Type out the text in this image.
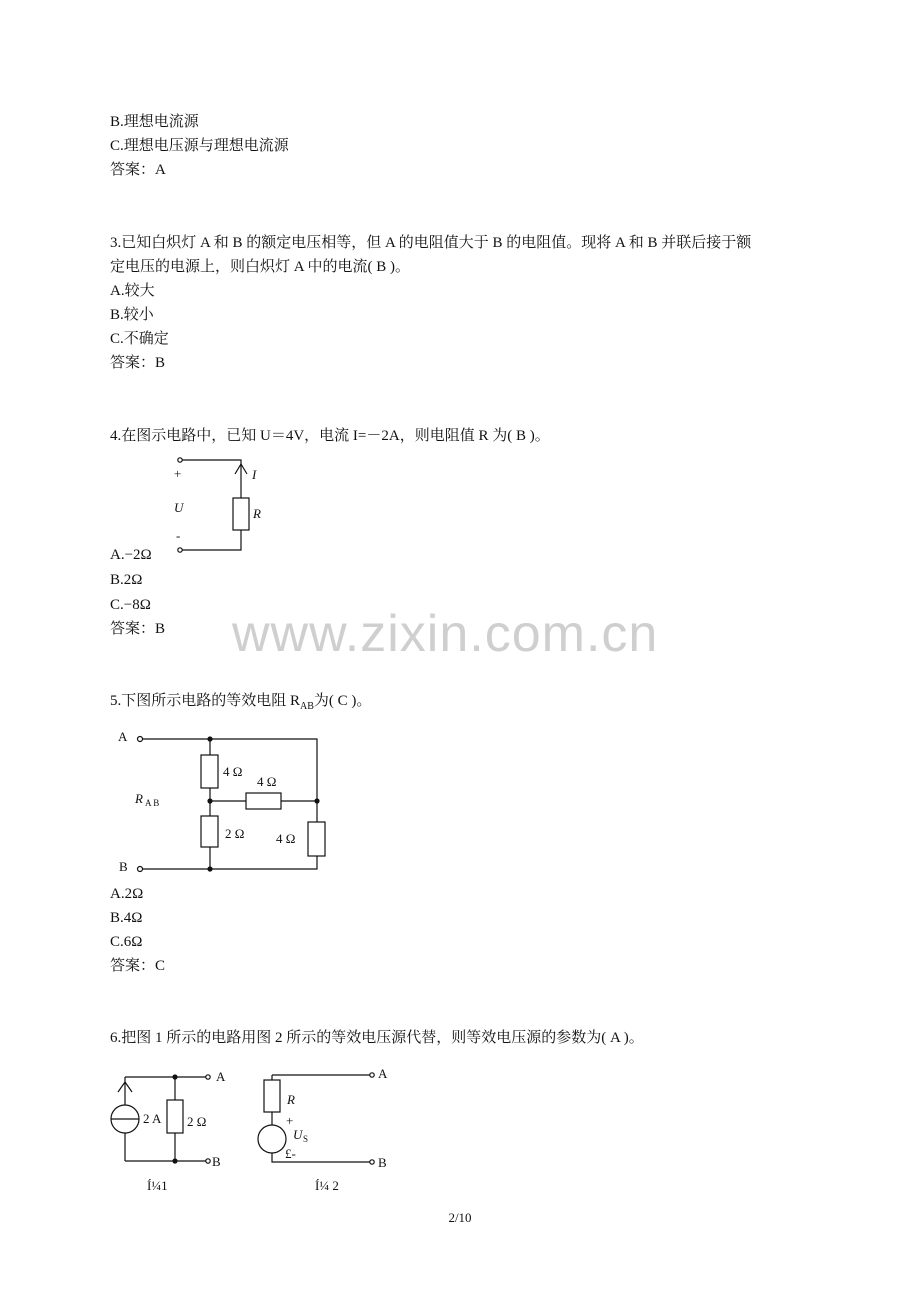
B.理想电流源
C.理想电压源与理想电流源
答案：A
3.已知白炽灯 A 和 B 的额定电压相等，但 A 的电阻值大于 B 的电阻值。现将 A 和 B 并联后接于额
定电压的电源上，则白炽灯 A 中的电流( B )。
A.较大
B.较小
C.不确定
答案：B
4.在图示电路中，已知 U＝4V，电流 I=－2A，则电阻值 R 为( B )。
A.−2Ω
B.2Ω
C.−8Ω
答案：B www.zixin.com.cn
5.下图所示电路的等效电阻 $R_{AB}$为( C )。
A.2Ω
B.4Ω
C.6Ω
答案：C
6.把图 1 所示的电路用图 2 所示的等效电压源代替，则等效电压源的参数为( A )。
+
U
-
I
R
A
B
R A B
4 Ω
4 Ω
2 Ω 4 Ω
A
B
2 A 2 Ω
Í¼1
A
B
R
+
U S
£-
Í¼ 2
2/10
